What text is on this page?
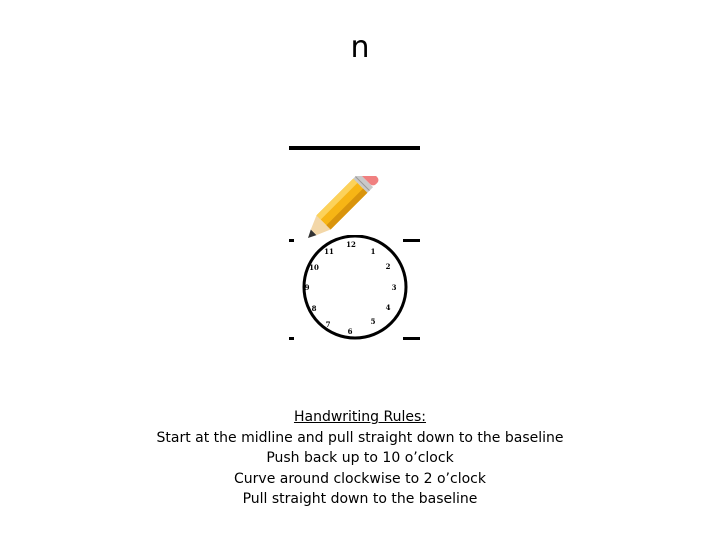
n
12
1
2
3
4
5
6
7
8
9
10
11
Handwriting Rules:
Start at the midline and pull straight down to the baseline
Push back up to 10 o’clock
Curve around clockwise to 2 o’clock
Pull straight down to the baseline
